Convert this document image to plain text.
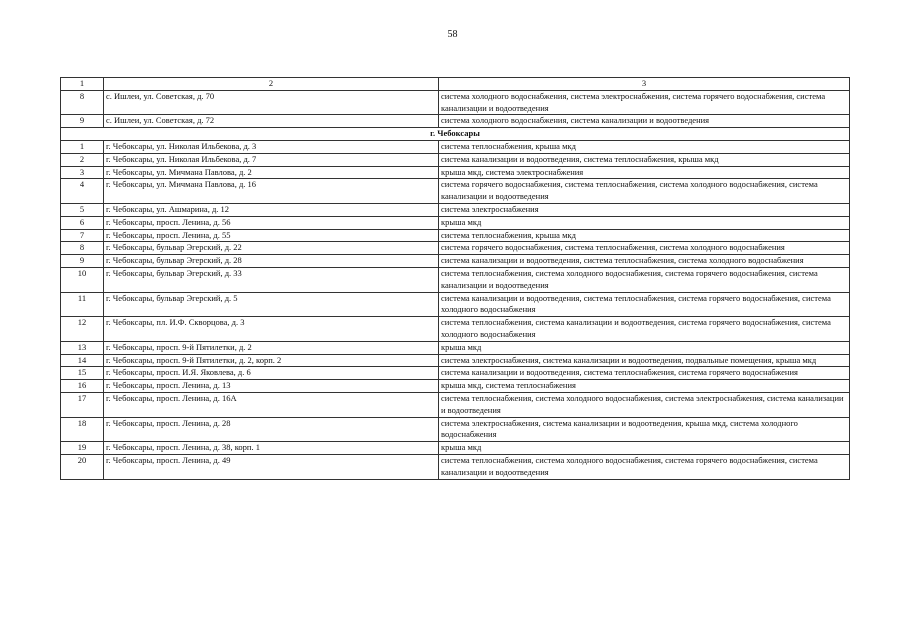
58
1	2	3
8	с. Ишлеи, ул. Советская, д. 70	система холодного водоснабжения, система электроснабжения, система горячего водоснабжения, система канализации и водоотведения
9	с. Ишлеи, ул. Советская, д. 72	система холодного водоснабжения, система канализации и водоотведения
г. Чебоксары		
1	г. Чебоксары, ул. Николая Ильбекова, д. 3	система теплоснабжения, крыша мкд
2	г. Чебоксары, ул. Николая Ильбекова, д. 7	система канализации и водоотведения, система теплоснабжения, крыша мкд
3	г. Чебоксары, ул. Мичмана Павлова, д. 2	крыша мкд, система электроснабжения
4	г. Чебоксары, ул. Мичмана Павлова, д. 16	система горячего водоснабжения, система теплоснабжения, система холодного водоснабжения, система канализации и водоотведения
5	г. Чебоксары, ул. Ашмарина, д. 12	система электроснабжения
6	г. Чебоксары, просп. Ленина, д. 56	крыша мкд
7	г. Чебоксары, просп. Ленина, д. 55	система теплоснабжения, крыша мкд
8	г. Чебоксары, бульвар Эгерский, д. 22	система горячего водоснабжения, система теплоснабжения, система холодного водоснабжения
9	г. Чебоксары, бульвар Эгерский, д. 28	система канализации и водоотведения, система теплоснабжения, система холодного водоснабжения
10	г. Чебоксары, бульвар Эгерский, д. 33	система теплоснабжения, система холодного водоснабжения, система горячего водоснабжения, система канализации и водоотведения
11	г. Чебоксары, бульвар Эгерский, д. 5	система канализации и водоотведения, система теплоснабжения, система горячего водоснабжения, система холодного водоснабжения
12	г. Чебоксары, пл. И.Ф. Скворцова, д. 3	система теплоснабжения, система канализации и водоотведения, система горячего водоснабжения, система холодного водоснабжения
13	г. Чебоксары, просп. 9-й Пятилетки, д. 2	крыша мкд
14	г. Чебоксары, просп. 9-й Пятилетки, д. 2, корп. 2	система электроснабжения, система канализации и водоотведения, подвальные помещения, крыша мкд
15	г. Чебоксары, просп. И.Я. Яковлева, д. 6	система канализации и водоотведения, система теплоснабжения, система горячего водоснабжения
16	г. Чебоксары, просп. Ленина, д. 13	крыша мкд, система теплоснабжения
17	г. Чебоксары, просп. Ленина, д. 16А	система теплоснабжения, система холодного водоснабжения, система электроснабжения, система канализации и водоотведения
18	г. Чебоксары, просп. Ленина, д. 28	система электроснабжения, система канализации и водоотведения, крыша мкд, система холодного водоснабжения
19	г. Чебоксары, просп. Ленина, д. 38, корп. 1	крыша мкд
20	г. Чебоксары, просп. Ленина, д. 49	система теплоснабжения, система холодного водоснабжения, система горячего водоснабжения, система канализации и водоотведения
